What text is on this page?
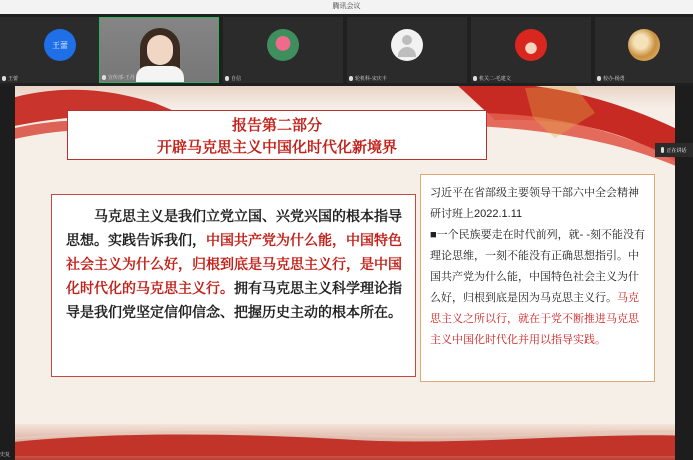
腾讯会议
王蕾
王蕾	宣传部-王丹	自信	轮机科-宋庆丰	机关二-毛建文	校办-杨勇
报告第二部分
开辟马克思主义中国化时代化新境界
马克思主义是我们立党立国、兴党兴国的根本指导思想。实践告诉我们，中国共产党为什么能，中国特色社会主义为什么好，归根到底是马克思主义行，是中国化时代化的马克思主义行。拥有马克思主义科学理论指导是我们党坚定信仰信念、把握历史主动的根本所在。
习近平在省部级主要领导干部六中全会精神研讨班上2022.1.11
■一个民族要走在时代前列，就- -刻不能没有理论思维，一刻不能没有正确思想指引。中国共产党为什么能，中国特色社会主义为什么好，归根到底是因为马克思主义行。马克思主义之所以行，就在于党不断推进马克思主义中国化时代化并用以指导实践。
正在讲话
史复
